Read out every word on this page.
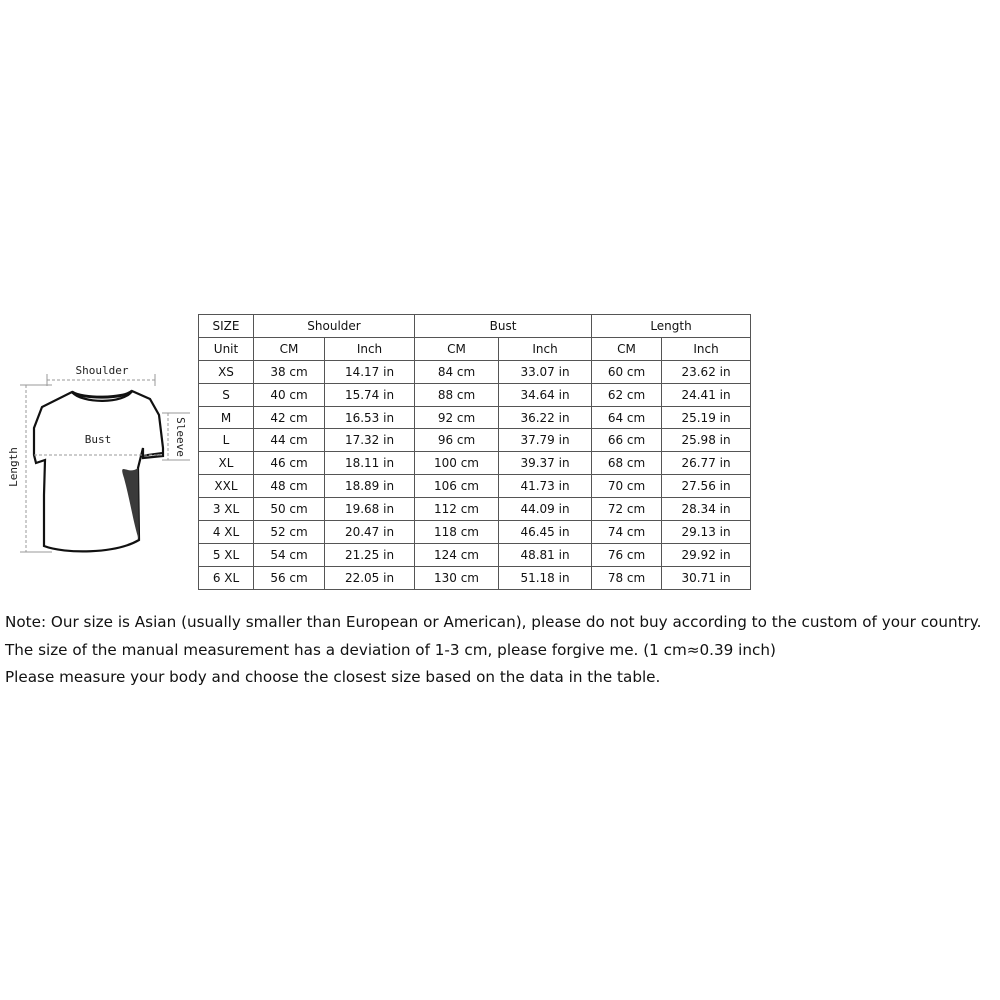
Shoulder
Length
Bust	Sleeve
SIZE	Shoulder		Bust		Length	
Unit	CM	Inch	CM	Inch	CM	Inch
XS	38 cm	14.17 in	84 cm	33.07 in	60 cm	23.62 in
S	40 cm	15.74 in	88 cm	34.64 in	62 cm	24.41 in
M	42 cm	16.53 in	92 cm	36.22 in	64 cm	25.19 in
L	44 cm	17.32 in	96 cm	37.79 in	66 cm	25.98 in
XL	46 cm	18.11 in	100 cm	39.37 in	68 cm	26.77 in
XXL	48 cm	18.89 in	106 cm	41.73 in	70 cm	27.56 in
3 XL	50 cm	19.68 in	112 cm	44.09 in	72 cm	28.34 in
4 XL	52 cm	20.47 in	118 cm	46.45 in	74 cm	29.13 in
5 XL	54 cm	21.25 in	124 cm	48.81 in	76 cm	29.92 in
6 XL	56 cm	22.05 in	130 cm	51.18 in	78 cm	30.71 in

Note: Our size is Asian (usually smaller than European or American), please do not buy according to the custom of your country.

The size of the manual measurement has a deviation of 1-3 cm, please forgive me. (1 cm≈0.39 inch)

Please measure your body and choose the closest size based on the data in the table.
